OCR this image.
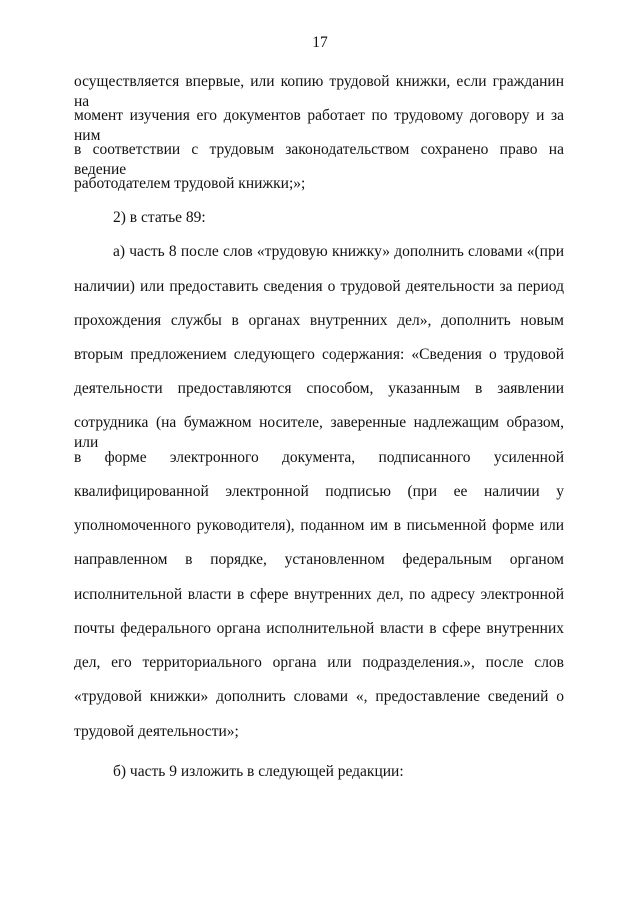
17
осуществляется впервые, или копию трудовой книжки, если гражданин на
момент изучения его документов работает по трудовому договору и за ним
в соответствии с трудовым законодательством сохранено право на ведение
работодателем трудовой книжки;»;
2) в статье 89:
а) часть 8 после слов «трудовую книжку» дополнить словами «(при
наличии) или предоставить сведения о трудовой деятельности за период
прохождения службы в органах внутренних дел», дополнить новым
вторым предложением следующего содержания: «Сведения о трудовой
деятельности предоставляются способом, указанным в заявлении
сотрудника (на бумажном носителе, заверенные надлежащим образом, или
в форме электронного документа, подписанного усиленной
квалифицированной электронной подписью (при ее наличии у
уполномоченного руководителя), поданном им в письменной форме или
направленном в порядке, установленном федеральным органом
исполнительной власти в сфере внутренних дел, по адресу электронной
почты федерального органа исполнительной власти в сфере внутренних
дел, его территориального органа или подразделения.», после слов
«трудовой книжки» дополнить словами «, предоставление сведений о
трудовой деятельности»;
б) часть 9 изложить в следующей редакции:
